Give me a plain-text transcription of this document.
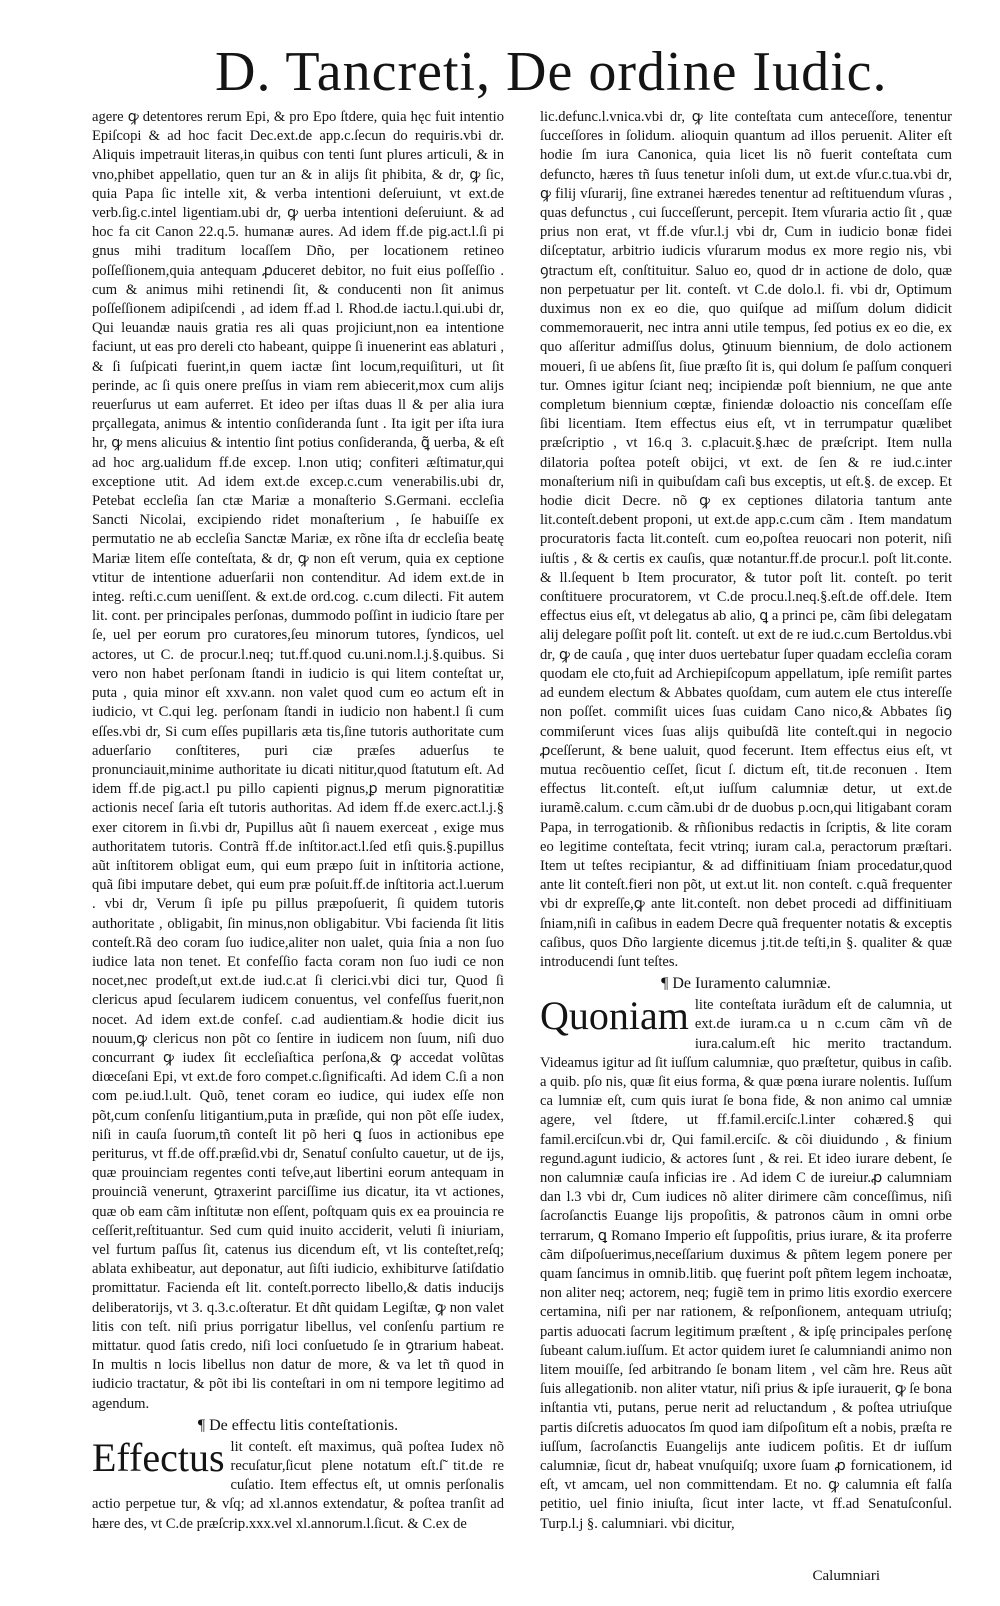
D. Tancreti, De ordine Iudic.

agere ꝙ detentores rerum Epi, & pro Epo ſtdere, quia hęc fuit intentio Epiſcopi & ad hoc facit Dec.ext.de app.c.ſecun do requiris.vbi dr. Aliquis impetrauit literas,in quibus con tenti ſunt plures articuli, & in vno,phibet appellatio, quen tur an & in alijs ſit phibita, & dr, ꝙ ſic, quia Papa ſic intelle xit, & verba intentioni deſeruiunt, vt ext.de verb.ſig.c.intel ligentiam.ubi dr, ꝙ uerba intentioni deſeruiunt. & ad hoc fa cit Canon 22.q.5. humanæ aures. Ad idem ff.de pig.act.l.ſi pi gnus mihi traditum locaſſem Dño, per locationem retineo poſſeſſionem,quia antequam ꝓduceret debitor, no fuit eius poſſeſſio . cum & animus mihi retinendi ſit, & conducenti non ſit animus poſſeſſionem adipiſcendi , ad idem ff.ad l. Rhod.de iactu.l.qui.ubi dr, Qui leuandæ nauis gratia res ali quas projiciunt,non ea intentione faciunt, ut eas pro dereli cto habeant, quippe ſi inuenerint eas ablaturi , & ſi ſuſpicati fuerint,in quem iactæ ſint locum,requiſituri, ut ſit perinde, ac ſi quis onere preſſus in viam rem abiecerit,mox cum alijs reuerſurus ut eam auferret. Et ideo per iſtas duas ll & per alia iura prçallegata, animus & intentio conſideranda ſunt . Ita igit per iſta iura hr, ꝙ mens alicuius & intentio ſint potius conſideranda, ꝗ̃ uerba, & eſt ad hoc arg.ualidum ff.de excep. l.non utiq; confiteri æſtimatur,qui exceptione utit. Ad idem ext.de excep.c.cum venerabilis.ubi dr, Petebat eccleſia ſan ctæ Mariæ a monaſterio S.Germani. eccleſia Sancti Nicolai, excipiendo ridet monaſterium , ſe habuiſſe ex permutatio ne ab eccleſia Sanctæ Mariæ, ex rõne iſta dr eccleſia beatę Mariæ litem eſſe conteſtata, & dr, ꝙ non eſt verum, quia ex ceptione vtitur de intentione aduerſarii non contenditur. Ad idem ext.de in integ. reſti.c.cum ueniſſent. & ext.de ord.cog. c.cum dilecti. Fit autem lit. cont. per principales perſonas, dummodo poſſint in iudicio ſtare per ſe, uel per eorum pro curatores,ſeu minorum tutores, ſyndicos, uel actores, ut C. de procur.l.neq; tut.ff.quod cu.uni.nom.l.j.§.quibus. Si vero non habet perſonam ſtandi in iudicio is qui litem conteſtat ur, puta , quia minor eſt xxv.ann. non valet quod cum eo actum eſt in iudicio, vt C.qui leg. perſonam ſtandi in iudicio non habent.l ſi cum eſſes.vbi dr, Si cum eſſes pupillaris æta tis,ſine tutoris authoritate cum aduerſario conſtiteres, puri ciæ præſes aduerſus te pronunciauit,minime authoritate iu dicati nititur,quod ſtatutum eſt. Ad idem ff.de pig.act.l pu pillo capienti pignus,ꝑ merum pignoratitiæ actionis neceſ ſaria eſt tutoris authoritas. Ad idem ff.de exerc.act.l.j.§ exer citorem in ſi.vbi dr, Pupillus aũt ſi nauem exerceat , exige mus authoritatem tutoris. Contrã ff.de inſtitor.act.l.ſed etſi quis.§.pupillus aũt inſtitorem obligat eum, qui eum præpo ſuit in inſtitoria actione, quã ſibi imputare debet, qui eum præ poſuit.ff.de inſtitoria act.l.uerum . vbi dr, Verum ſi ipſe pu pillus præpoſuerit, ſi quidem tutoris authoritate , obligabit, ſin minus,non obligabitur. Vbi facienda ſit litis conteſt.Rã deo coram ſuo iudice,aliter non ualet, quia ſnia a non ſuo iudice lata non tenet. Et confeſſio facta coram non ſuo iudi ce non nocet,nec prodeſt,ut ext.de iud.c.at ſi clerici.vbi dici tur, Quod ſi clericus apud ſecularem iudicem conuentus, vel confeſſus fuerit,non nocet. Ad idem ext.de confeſ. c.ad audientiam.& hodie dicit ius nouum,ꝙ clericus non põt co ſentire in iudicem non ſuum, niſi duo concurrant ꝙ iudex ſit eccleſiaſtica perſona,& ꝙ accedat volũtas diœceſani Epi, vt ext.de foro compet.c.ſignificaſti. Ad idem C.ſi a non com pe.iud.l.ult. Quõ, tenet coram eo iudice, qui iudex eſſe non põt,cum conſenſu litigantium,puta in præſide, qui non põt eſſe iudex, niſi in cauſa ſuorum,tñ conteſt lit põ heri ꝗ ſuos in actionibus epe periturus, vt ff.de off.præſid.vbi dr, Senatuſ conſulto cauetur, ut de ijs, quæ prouinciam regentes conti teſve,aut libertini eorum antequam in prouinciã venerunt, ꝯtraxerint parciſſime ius dicatur, ita vt actiones, quæ ob eam cãm inſtitutæ non eſſent, poſtquam quis ex ea prouincia re ceſſerit,reſtituantur. Sed cum quid inuito acciderit, veluti ſi iniuriam, vel furtum paſſus ſit, catenus ius dicendum eſt, vt lis conteſtet,reſq; ablata exhibeatur, aut deponatur, aut ſiſti iudicio, exhibiturve ſatiſdatio promittatur. Facienda eſt lit. conteſt.porrecto libello,& datis inducijs deliberatorijs, vt 3. q.3.c.oſteratur. Et dñt quidam Legiſtæ, ꝙ non valet litis con teſt. niſi prius porrigatur libellus, vel conſenſu partium re mittatur. quod ſatis credo, niſi loci conſuetudo ſe in ꝯtrarium habeat. In multis n locis libellus non datur de more, & va let tñ quod in iudicio tractatur, & põt ibi lis conteſtari in om ni tempore legitimo ad agendum.

¶ De effectu litis conteſtationis.

Effectus lit conteſt. eſt maximus, quã poſtea Iudex nõ recuſatur,ſicut plene notatum eſt.ſ̃ tit.de re cuſatio. Item effectus eſt, ut omnis perſonalis actio perpetue tur, & vſq; ad xl.annos extendatur, & poſtea tranſit ad hære des, vt C.de præſcrip.xxx.vel xl.annorum.l.ſicut. & C.ex de

lic.defunc.l.vnica.vbi dr, ꝙ lite conteſtata cum anteceſſore, tenentur ſucceſſores in ſolidum. alioquin quantum ad illos peruenit. Aliter eſt hodie ſm iura Canonica, quia licet lis nõ fuerit conteſtata cum defuncto, hæres tñ ſuus tenetur inſoli dum, ut ext.de vſur.c.tua.vbi dr, ꝙ filij vſurarij, ſine extranei hæredes tenentur ad reſtituendum vſuras , quas defunctus , cui ſucceſſerunt, percepit. Item vſuraria actio ſit , quæ prius non erat, vt ff.de vſur.l.j vbi dr, Cum in iudicio bonæ fidei diſceptatur, arbitrio iudicis vſurarum modus ex more regio nis, vbi ꝯtractum eſt, conſtituitur. Saluo eo, quod dr in actione de dolo, quæ non perpetuatur per lit. conteſt. vt C.de dolo.l. fi. vbi dr, Optimum duximus non ex eo die, quo quiſque ad miſſum dolum didicit commemorauerit, nec intra anni utile tempus, ſed potius ex eo die, ex quo aſſeritur admiſſus dolus, ꝯtinuum biennium, de dolo actionem moueri, ſi ue abſens ſit, ſiue præſto ſit is, qui dolum ſe paſſum conqueri tur. Omnes igitur ſciant neq; incipiendæ poſt biennium, ne que ante completum biennium cœptæ, finiendæ doloactio nis conceſſam eſſe ſibi licentiam. Item effectus eius eſt, vt in terrumpatur quælibet præſcriptio , vt 16.q 3. c.placuit.§.hæc de præſcript. Item nulla dilatoria poſtea poteſt obijci, vt ext. de ſen & re iud.c.inter monaſterium niſi in quibuſdam caſi bus exceptis, ut eſt.§. de excep. Et hodie dicit Decre. nõ ꝙ ex ceptiones dilatoria tantum ante lit.conteſt.debent proponi, ut ext.de app.c.cum cãm . Item mandatum procuratoris facta lit.conteſt. cum eo,poſtea reuocari non poterit, niſi iuſtis , & & certis ex cauſis, quæ notantur.ff.de procur.l. poſt lit.conte. & ll.ſequent b Item procurator, & tutor poſt lit. conteſt. po terit conſtituere procuratorem, vt C.de procu.l.neq.§.eſt.de off.dele. Item effectus eius eſt, vt delegatus ab alio, ꝗ a princi pe, cãm ſibi delegatam alij delegare poſſit poſt lit. conteſt. ut ext de re iud.c.cum Bertoldus.vbi dr, ꝙ de cauſa , quę inter duos uertebatur ſuper quadam eccleſia coram quodam ele cto,fuit ad Archiepiſcopum appellatum, ipſe remiſit partes ad eundem electum & Abbates quoſdam, cum autem ele ctus intereſſe non poſſet. commiſit uices ſuas cuidam Cano nico,& Abbates ſiꝯ commiſerunt vices ſuas alijs quibuſdã lite conteſt.qui in negocio ꝓceſſerunt, & bene ualuit, quod fecerunt. Item effectus eius eſt, vt mutua recõuentio ceſſet, ſicut ſ. dictum eſt, tit.de reconuen . Item effectus lit.conteſt. eſt,ut iuſſum calumniæ detur, ut ext.de iuramẽ.calum. c.cum cãm.ubi dr de duobus p.ocn,qui litigabant coram Papa, in terrogationib. & rñſionibus redactis in ſcriptis, & lite coram eo legitime conteſtata, fecit vtrinq; iuram cal.a, peractorum præſtari. Item ut teſtes recipiantur, & ad diffinitiuam ſniam procedatur,quod ante lit conteſt.fieri non põt, ut ext.ut lit. non conteſt. c.quã frequenter vbi dr expreſſe,ꝙ ante lit.conteſt. non debet procedi ad diffinitiuam ſniam,niſi in caſibus in eadem Decre quã frequenter notatis & exceptis caſibus, quos Dño largiente dicemus j.tit.de teſti,in §. qualiter & quæ introducendi ſunt teſtes.

¶ De Iuramento calumniæ.

Quoniam lite conteſtata iurãdum eſt de calumnia, ut ext.de iuram.ca u n c.cum cãm vñ de iura.calum.eſt hic merito tractandum. Videamus igitur ad ſit iuſſum calumniæ, quo præſtetur, quibus in caſib. a quib. pſo nis, quæ ſit eius forma, & quæ pœna iurare nolentis. Iuſſum ca lumniæ eſt, cum quis iurat ſe bona fide, & non animo cal umniæ agere, vel ſtdere, ut ff.famil.erciſc.l.inter cohæred.§ qui famil.erciſcun.vbi dr, Qui famil.erciſc. & cõi diuidundo , & finium regund.agunt iudicio, & actores ſunt , & rei. Et ideo iurare debent, ſe non calumniæ cauſa inficias ire . Ad idem C de iureiur.ꝓ calumniam dan l.3 vbi dr, Cum iudices nõ aliter dirimere cãm conceſſimus, niſi ſacroſanctis Euange lijs propoſitis, & patronos cãum in omni orbe terrarum, ꝗ Romano Imperio eſt ſuppoſitis, prius iurare, & ita proferre cãm diſpoſuerimus,neceſſarium duximus & pñtem legem ponere per quam ſancimus in omnib.litib. quę fuerint poſt pñtem legem inchoatæ, non aliter neq; actorem, neq; fugiẽ tem in primo litis exordio exercere certamina, niſi per nar rationem, & reſponſionem, antequam utriuſq; partis aduocati ſacrum legitimum præſtent , & ipſę principales perſonę ſubeant calum.iuſſum. Et actor quidem iuret ſe calumniandi animo non litem mouiſſe, ſed arbitrando ſe bonam litem , vel cãm hre. Reus aũt ſuis allegationib. non aliter vtatur, niſi prius & ipſe iurauerit, ꝙ ſe bona inſtantia vti, putans, perue nerit ad reluctandum , & poſtea utriuſque partis diſcretis aduocatos ſm quod iam diſpoſitum eſt a nobis, præſta re iuſſum, ſacroſanctis Euangelijs ante iudicem poſitis. Et dr iuſſum calumniæ, ſicut dr, habeat vnuſquiſq; uxore ſuam ꝓ fornicationem, id eſt, vt amcam, uel non committendam. Et no. ꝙ calumnia eſt falſa petitio, uel finio iniuſta, ſicut inter lacte, vt ff.ad Senatuſconſul. Turp.l.j §. calumniari. vbi dicitur,

Calumniari
